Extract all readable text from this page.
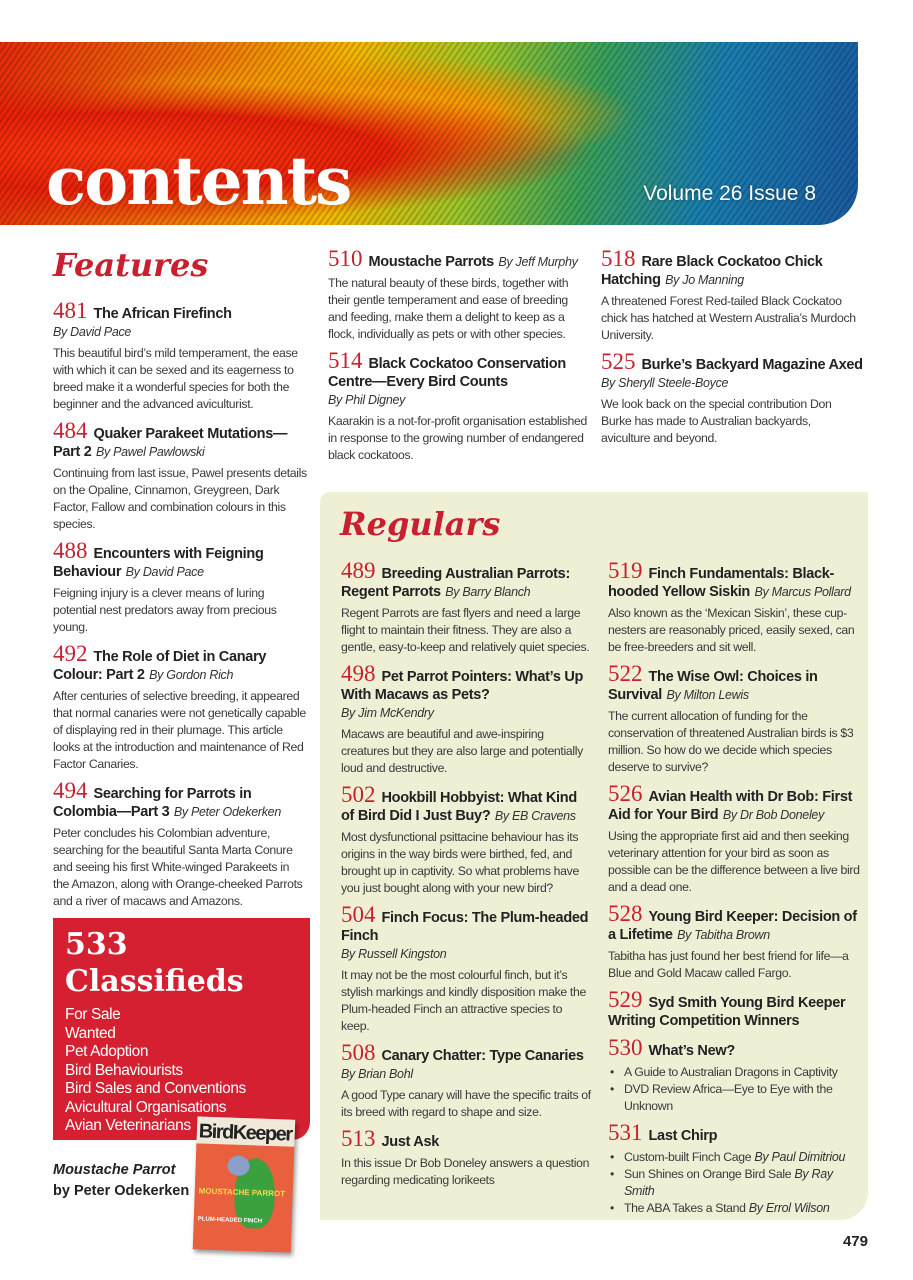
contents	Volume 26 Issue 8
Features
481 The African Firefinch
By David Pace
This beautiful bird’s mild temperament, the ease with which it can be sexed and its eagerness to breed make it a wonderful species for both the beginner and the advanced aviculturist.
484 Quaker Parakeet Mutations—Part 2 By Pawel Pawlowski
Continuing from last issue, Pawel presents details on the Opaline, Cinnamon, Greygreen, Dark Factor, Fallow and combination colours in this species.
488 Encounters with Feigning Behaviour By David Pace
Feigning injury is a clever means of luring potential nest predators away from precious young.
492 The Role of Diet in Canary Colour: Part 2 By Gordon Rich
After centuries of selective breeding, it appeared that normal canaries were not genetically capable of displaying red in their plumage. This article looks at the introduction and maintenance of Red Factor Canaries.
494 Searching for Parrots in Colombia—Part 3 By Peter Odekerken
Peter concludes his Colombian adventure, searching for the beautiful Santa Marta Conure and seeing his first White-winged Parakeets in the Amazon, along with Orange-cheeked Parrots and a river of macaws and Amazons.
510 Moustache Parrots By Jeff Murphy
The natural beauty of these birds, together with their gentle temperament and ease of breeding and feeding, make them a delight to keep as a flock, individually as pets or with other species.
514 Black Cockatoo Conservation Centre—Every Bird Counts
By Phil Digney
Kaarakin is a not-for-profit organisation established in response to the growing number of endangered black cockatoos.
518 Rare Black Cockatoo Chick Hatching By Jo Manning
A threatened Forest Red-tailed Black Cockatoo chick has hatched at Western Australia’s Murdoch University.
525 Burke’s Backyard Magazine Axed By Sheryll Steele-Boyce
We look back on the special contribution Don Burke has made to Australian backyards, aviculture and beyond.
Regulars
489 Breeding Australian Parrots: Regent Parrots By Barry Blanch
Regent Parrots are fast flyers and need a large flight to maintain their fitness. They are also a gentle, easy-to-keep and relatively quiet species.
498 Pet Parrot Pointers: What’s Up With Macaws as Pets?
By Jim McKendry
Macaws are beautiful and awe-inspiring creatures but they are also large and potentially loud and destructive.
502 Hookbill Hobbyist: What Kind of Bird Did I Just Buy? By EB Cravens
Most dysfunctional psittacine behaviour has its origins in the way birds were birthed, fed, and brought up in captivity. So what problems have you just bought along with your new bird?
504 Finch Focus: The Plum-headed Finch
By Russell Kingston
It may not be the most colourful finch, but it’s stylish markings and kindly disposition make the Plum-headed Finch an attractive species to keep.
508 Canary Chatter: Type Canaries By Brian Bohl
A good Type canary will have the specific traits of its breed with regard to shape and size.
513 Just Ask
In this issue Dr Bob Doneley answers a question regarding medicating lorikeets
519 Finch Fundamentals: Black-hooded Yellow Siskin By Marcus Pollard
Also known as the ‘Mexican Siskin’, these cup-nesters are reasonably priced, easily sexed, can be free-breeders and sit well.
522 The Wise Owl: Choices in Survival By Milton Lewis
The current allocation of funding for the conservation of threatened Australian birds is $3 million. So how do we decide which species deserve to survive?
526 Avian Health with Dr Bob: First Aid for Your Bird By Dr Bob Doneley
Using the appropriate first aid and then seeking veterinary attention for your bird as soon as possible can be the difference between a live bird and a dead one.
528 Young Bird Keeper: Decision of a Lifetime By Tabitha Brown
Tabitha has just found her best friend for life—a Blue and Gold Macaw called Fargo.
529 Syd Smith Young Bird Keeper Writing Competition Winners
530 What’s New?
• A Guide to Australian Dragons in Captivity
• DVD Review Africa—Eye to Eye with the Unknown
531 Last Chirp
• Custom-built Finch Cage By Paul Dimitriou
• Sun Shines on Orange Bird Sale By Ray Smith
• The ABA Takes a Stand By Errol Wilson
533
Classifieds
For Sale
Wanted
Pet Adoption
Bird Behaviourists
Bird Sales and Conventions
Avicultural Organisations
Avian Veterinarians
Moustache Parrot
by Peter Odekerken
BirdKeeper
MOUSTACHE PARROT
PLUM-HEADED FINCH
479
